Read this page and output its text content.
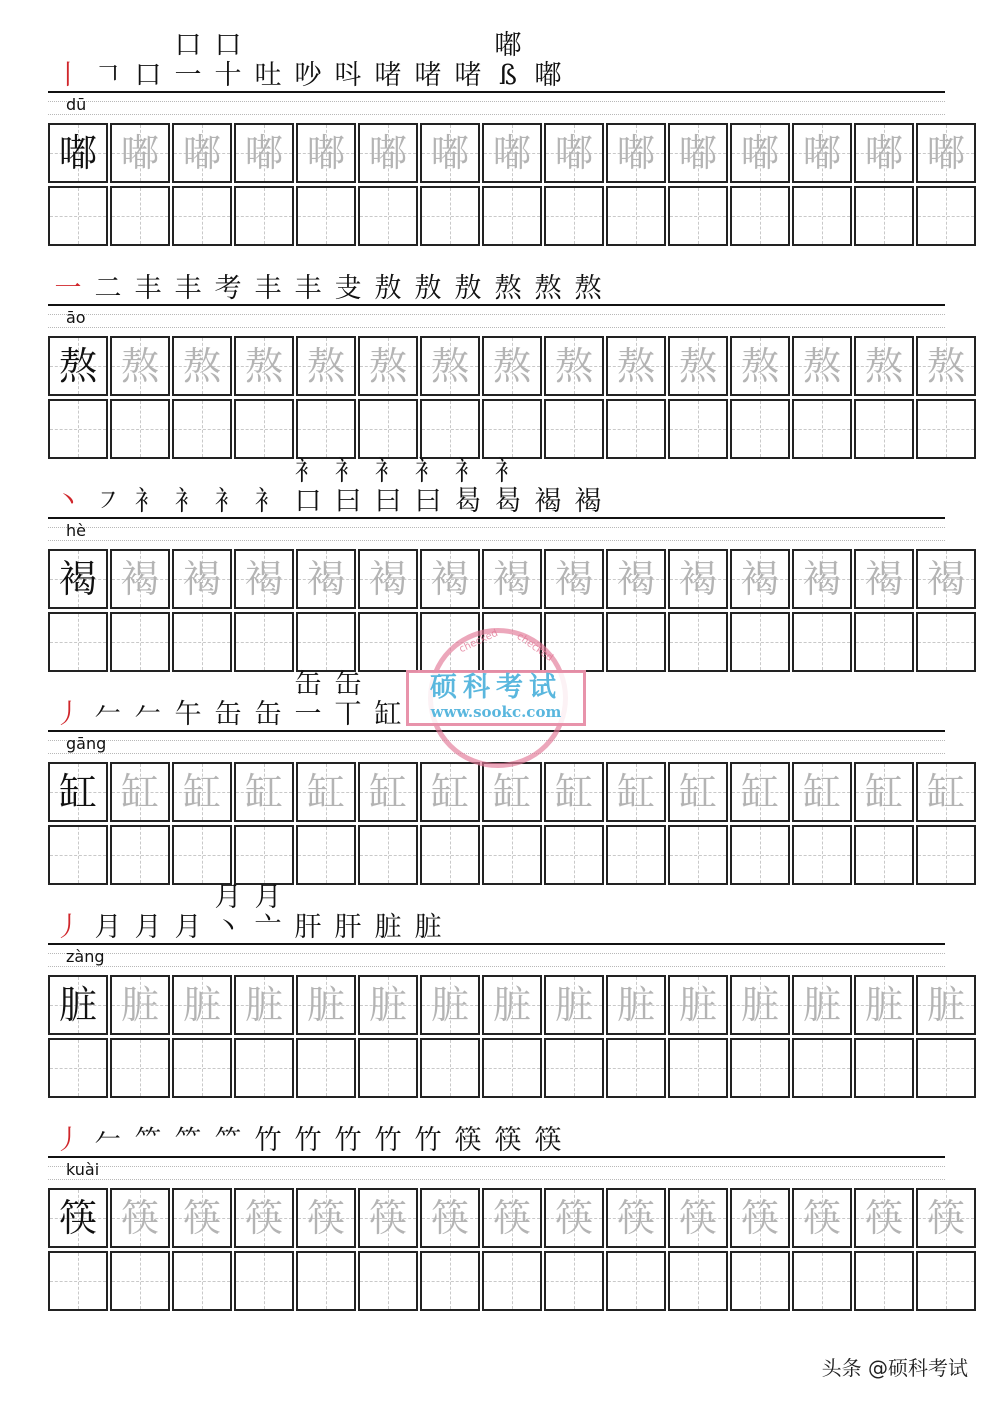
丨 𠃍 口
口一
口十 吐 吵 呌 啫 啫 啫
嘟ß 嘟
dū
嘟 嘟 嘟 嘟 嘟 嘟 嘟 嘟 嘟 嘟 嘟 嘟 嘟 嘟 嘟
一 二 丰 丰 考 丰 丰 叏 敖 敖 敖 熬 熬 熬
āo
熬 熬 熬 熬 熬 熬 熬 熬 熬 熬 熬 熬 熬 熬 熬
丶 ㇇ 衤 衤 衤 衤
衤口
衤曰
衤曰
衤曰
衤曷
衤曷 褐 褐
hè
褐 褐 褐 褐 褐 褐 褐 褐 褐 褐 褐 褐 褐 褐 褐
丿 𠂉 𠂉 午 缶 缶
缶一
缶丅 缸
gāng
缸 缸 缸 缸 缸 缸 缸 缸 缸 缸 缸 缸 缸 缸 缸
丿 月 月 月
月丶
月亠 肝 肝 脏 脏
zàng
脏 脏 脏 脏 脏 脏 脏 脏 脏 脏 脏 脏 脏 脏 脏
丿 𠂉 ⺮ ⺮ ⺮ 竹 竹 竹 竹 竹 筷 筷 筷
kuài
筷 筷 筷 筷 筷 筷 筷 筷 筷 筷 筷 筷 筷 筷 筷
checked checked
硕科考试
www.sookc.com
头条 @硕科考试
